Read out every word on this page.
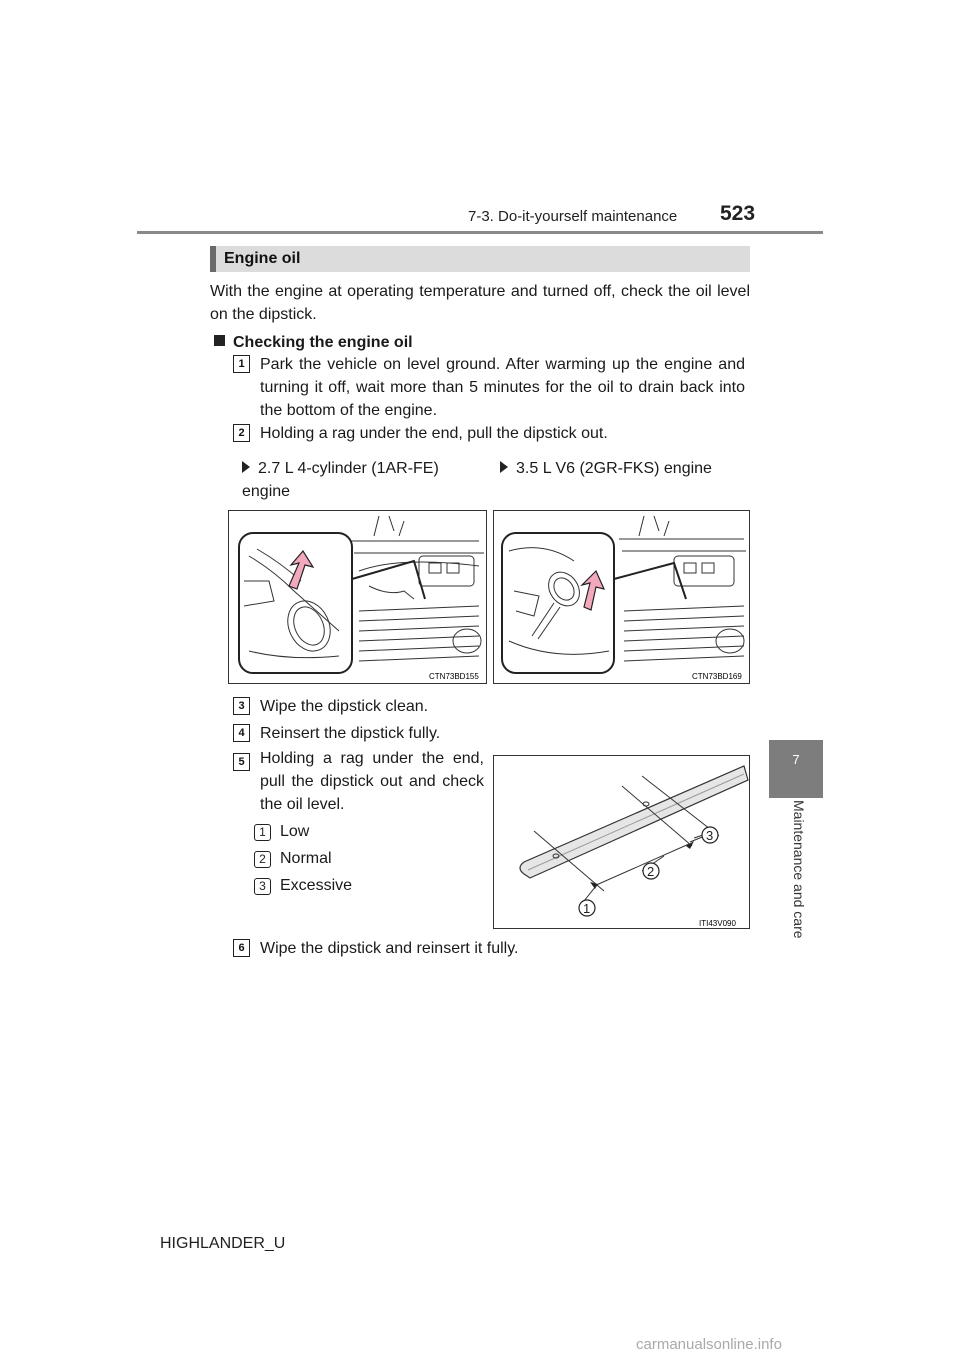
7-3. Do-it-yourself maintenance 523
7
Maintenance and care
Engine oil
With the engine at operating temperature and turned off, check the oil level on the dipstick.
Checking the engine oil
1 Park the vehicle on level ground. After warming up the engine and turning it off, wait more than 5 minutes for the oil to drain back into the bottom of the engine.
2 Holding a rag under the end, pull the dipstick out.
2.7 L 4-cylinder (1AR-FE) engine
3.5 L V6 (2GR-FKS) engine
CTN73BD155	CTN73BD169
3 Wipe the dipstick clean.
4 Reinsert the dipstick fully.
5 Holding a rag under the end, pull the dipstick out and check the oil level.
1 Low
2 Normal
3 Excessive
1
2
3
ITI43V090
6 Wipe the dipstick and reinsert it fully.
HIGHLANDER_U
carmanualsonline.info
